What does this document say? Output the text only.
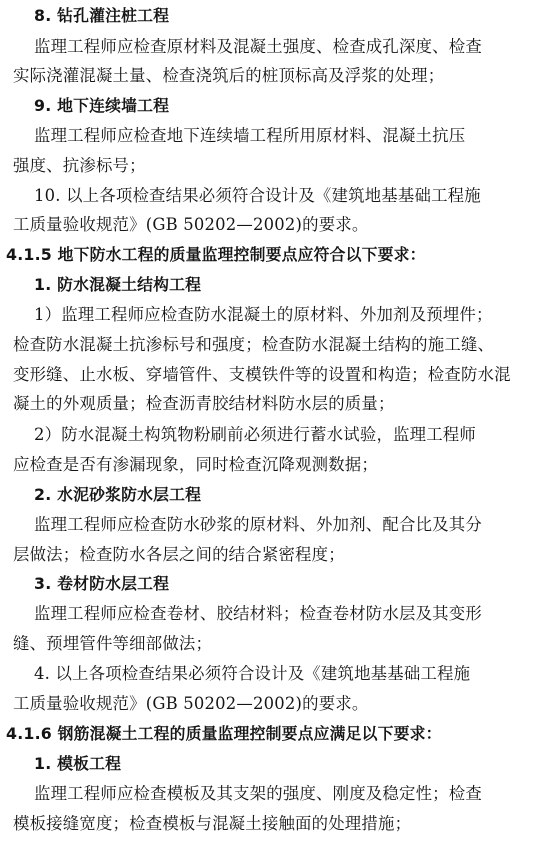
8. 钻孔灌注桩工程
监理工程师应检查原材料及混凝土强度、检查成孔深度、检查
实际浇灌混凝土量、检查浇筑后的桩顶标高及浮浆的处理；
9. 地下连续墙工程
监理工程师应检查地下连续墙工程所用原材料、混凝土抗压
强度、抗渗标号；
10. 以上各项检查结果必须符合设计及《建筑地基基础工程施
工质量验收规范》(GB 50202—2002)的要求。
4.1.5 地下防水工程的质量监理控制要点应符合以下要求：
1. 防水混凝土结构工程
1）监理工程师应检查防水混凝土的原材料、外加剂及预埋件；
检查防水混凝土抗渗标号和强度；检查防水混凝土结构的施工缝、
变形缝、止水板、穿墙管件、支模铁件等的设置和构造；检查防水混
凝土的外观质量；检查沥青胶结材料防水层的质量；
2）防水混凝土构筑物粉刷前必须进行蓄水试验，监理工程师
应检查是否有渗漏现象，同时检查沉降观测数据；
2. 水泥砂浆防水层工程
监理工程师应检查防水砂浆的原材料、外加剂、配合比及其分
层做法；检查防水各层之间的结合紧密程度；
3. 卷材防水层工程
监理工程师应检查卷材、胶结材料；检查卷材防水层及其变形
缝、预埋管件等细部做法；
4. 以上各项检查结果必须符合设计及《建筑地基基础工程施
工质量验收规范》(GB 50202—2002)的要求。
4.1.6 钢筋混凝土工程的质量监理控制要点应满足以下要求：
1. 模板工程
监理工程师应检查模板及其支架的强度、刚度及稳定性；检查
模板接缝宽度；检查模板与混凝土接触面的处理措施；
